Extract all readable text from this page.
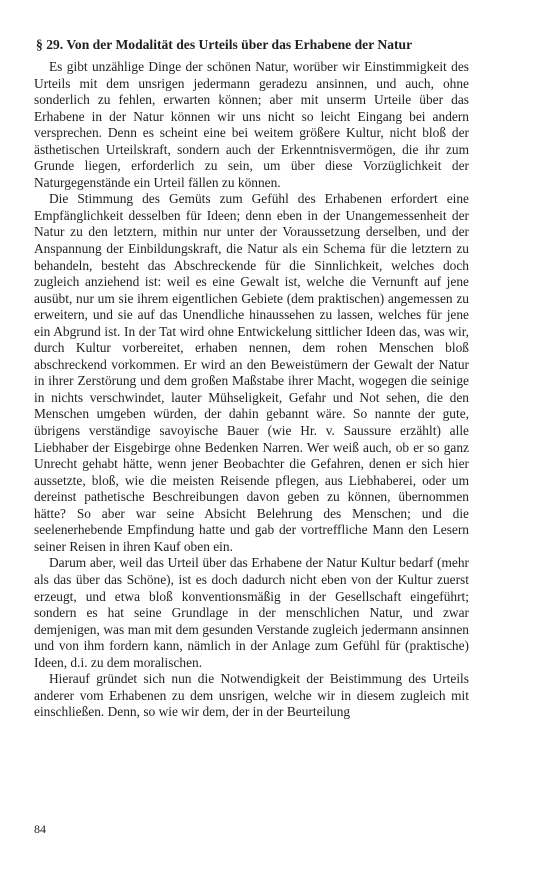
§ 29. Von der Modalität des Urteils über das Erhabene der Natur

Es gibt unzählige Dinge der schönen Natur, worüber wir Einstimmigkeit des Urteils mit dem unsrigen jedermann geradezu ansinnen, und auch, ohne sonderlich zu fehlen, erwarten können; aber mit unserm Urteile über das Erhabene in der Natur können wir uns nicht so leicht Eingang bei andern versprechen. Denn es scheint eine bei weitem größere Kultur, nicht bloß der ästhetischen Urteilskraft, sondern auch der Erkenntnisvermögen, die ihr zum Grunde liegen, erforderlich zu sein, um über diese Vorzüglichkeit der Naturgegenstände ein Urteil fällen zu können.

Die Stimmung des Gemüts zum Gefühl des Erhabenen erfordert eine Empfänglichkeit desselben für Ideen; denn eben in der Unangemessenheit der Natur zu den letztern, mithin nur unter der Voraussetzung derselben, und der Anspannung der Einbildungskraft, die Natur als ein Schema für die letztern zu behandeln, besteht das Abschreckende für die Sinnlichkeit, welches doch zugleich anziehend ist: weil es eine Gewalt ist, welche die Vernunft auf jene ausübt, nur um sie ihrem eigentlichen Gebiete (dem praktischen) angemessen zu erweitern, und sie auf das Unendliche hinaussehen zu lassen, welches für jene ein Abgrund ist. In der Tat wird ohne Entwickelung sittlicher Ideen das, was wir, durch Kultur vorbereitet, erhaben nennen, dem rohen Menschen bloß abschreckend vorkommen. Er wird an den Beweistümern der Gewalt der Natur in ihrer Zerstörung und dem großen Maßstabe ihrer Macht, wogegen die seinige in nichts verschwindet, lauter Mühseligkeit, Gefahr und Not sehen, die den Menschen umgeben würden, der dahin gebannt wäre. So nannte der gute, übrigens verständige savoyische Bauer (wie Hr. v. Saussure erzählt) alle Liebhaber der Eisgebirge ohne Bedenken Narren. Wer weiß auch, ob er so ganz Unrecht gehabt hätte, wenn jener Beobachter die Gefahren, denen er sich hier aussetzte, bloß, wie die meisten Reisende pflegen, aus Liebhaberei, oder um dereinst pathetische Beschreibungen davon geben zu können, übernommen hätte? So aber war seine Absicht Belehrung des Menschen; und die seelenerhebende Empfindung hatte und gab der vortreffliche Mann den Lesern seiner Reisen in ihren Kauf oben ein.

Darum aber, weil das Urteil über das Erhabene der Natur Kultur bedarf (mehr als das über das Schöne), ist es doch dadurch nicht eben von der Kultur zuerst erzeugt, und etwa bloß konventionsmäßig in der Gesellschaft eingeführt; sondern es hat seine Grundlage in der menschlichen Natur, und zwar demjenigen, was man mit dem gesunden Verstande zugleich jedermann ansinnen und von ihm fordern kann, nämlich in der Anlage zum Gefühl für (praktische) Ideen, d.i. zu dem moralischen.

Hierauf gründet sich nun die Notwendigkeit der Beistimmung des Urteils anderer vom Erhabenen zu dem unsrigen, welche wir in diesem zugleich mit einschließen. Denn, so wie wir dem, der in der Beurteilung

84
